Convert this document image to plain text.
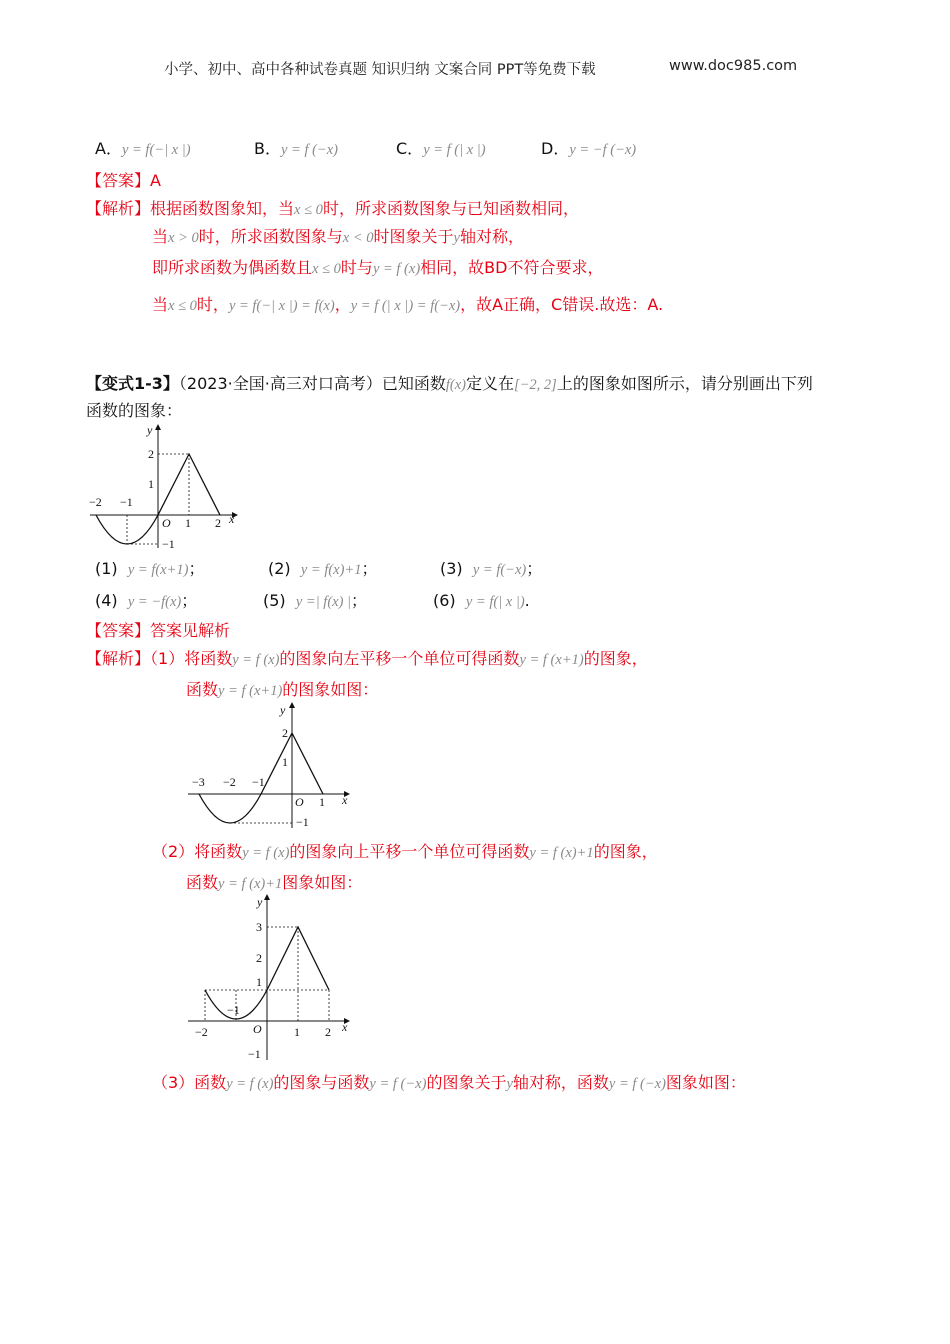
小学、初中、高中各种试卷真题 知识归纳 文案合同 PPT等免费下载	www.doc985.com
A．y = f(−| x |)	B．y = f (−x)	C．y = f (| x |)	D．y = −f (−x)
【答案】A
【解析】根据函数图象知，当x ≤ 0时，所求函数图象与已知函数相同，
当x > 0时，所求函数图象与x < 0时图象关于y轴对称，
即所求函数为偶函数且x ≤ 0时与y = f (x)相同，故BD不符合要求，
当x ≤ 0时，y = f(−| x |) = f(x)，y = f (| x |) = f(−x)，故A正确，C错误.故选：A.
【变式1-3】（2023·全国·高三对口高考）已知函数f(x)定义在[−2, 2]上的图象如图所示，请分别画出下列
函数的图象：
y
x
O
−2 −1
1 2
2
1
−1
(1) y = f(x+1)；	(2) y = f(x)+1；	(3) y = f(−x)；
(4) y = −f(x)；	(5) y =| f(x) |；	(6) y = f(| x |).
【答案】答案见解析
【解析】（1）将函数y = f (x)的图象向左平移一个单位可得函数y = f (x+1)的图象，
函数y = f (x+1)的图象如图：
y
x
O
−3 −2 −1
1
2
1
−1
（2）将函数y = f (x)的图象向上平移一个单位可得函数y = f (x)+1的图象，
函数y = f (x)+1图象如图：
y
x
O
−2	1 2
−1
3
2
1
−1
（3）函数y = f (x)的图象与函数y = f (−x)的图象关于y轴对称，函数y = f (−x)图象如图：
